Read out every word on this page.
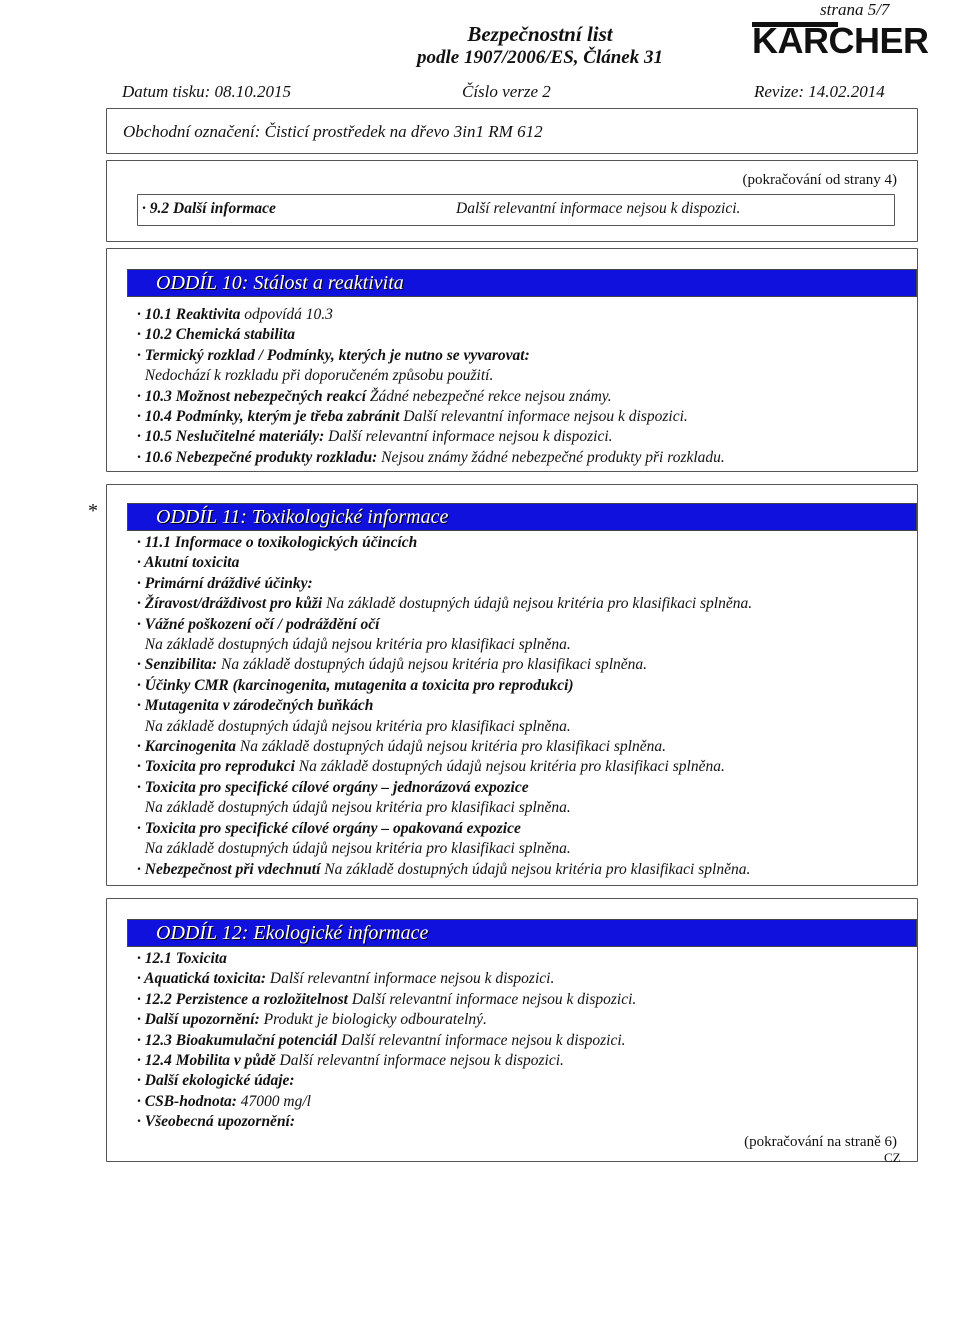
Bezpečnostní list
podle 1907/2006/ES, Článek 31
strana 5/7
KÄRCHER
Datum tisku: 08.10.2015	Číslo verze 2	Revize: 14.02.2014
Obchodní označení: Čisticí prostředek na dřevo 3in1 RM 612
(pokračování od strany 4)
· 9.2 Další informace	Další relevantní informace nejsou k dispozici.
ODDÍL 10: Stálost a reaktivita
· 10.1 Reaktivita odpovídá 10.3
· 10.2 Chemická stabilita
· Termický rozklad / Podmínky, kterých je nutno se vyvarovat:
Nedochází k rozkladu při doporučeném způsobu použití.
· 10.3 Možnost nebezpečných reakcí Žádné nebezpečné rekce nejsou známy.
· 10.4 Podmínky, kterým je třeba zabránit Další relevantní informace nejsou k dispozici.
· 10.5 Neslučitelné materiály: Další relevantní informace nejsou k dispozici.
· 10.6 Nebezpečné produkty rozkladu: Nejsou známy žádné nebezpečné produkty při rozkladu.
*	ODDÍL 11: Toxikologické informace
· 11.1 Informace o toxikologických účincích
· Akutní toxicita
· Primární dráždivé účinky:
· Žíravost/dráždivost pro kůži Na základě dostupných údajů nejsou kritéria pro klasifikaci splněna.
· Vážné poškození očí / podráždění očí
Na základě dostupných údajů nejsou kritéria pro klasifikaci splněna.
· Senzibilita: Na základě dostupných údajů nejsou kritéria pro klasifikaci splněna.
· Účinky CMR (karcinogenita, mutagenita a toxicita pro reprodukci)
· Mutagenita v zárodečných buňkách
Na základě dostupných údajů nejsou kritéria pro klasifikaci splněna.
· Karcinogenita Na základě dostupných údajů nejsou kritéria pro klasifikaci splněna.
· Toxicita pro reprodukci Na základě dostupných údajů nejsou kritéria pro klasifikaci splněna.
· Toxicita pro specifické cílové orgány – jednorázová expozice
Na základě dostupných údajů nejsou kritéria pro klasifikaci splněna.
· Toxicita pro specifické cílové orgány – opakovaná expozice
Na základě dostupných údajů nejsou kritéria pro klasifikaci splněna.
· Nebezpečnost při vdechnutí Na základě dostupných údajů nejsou kritéria pro klasifikaci splněna.
ODDÍL 12: Ekologické informace
· 12.1 Toxicita
· Aquatická toxicita: Další relevantní informace nejsou k dispozici.
· 12.2 Perzistence a rozložitelnost Další relevantní informace nejsou k dispozici.
· Další upozornění: Produkt je biologicky odbouratelný.
· 12.3 Bioakumulační potenciál Další relevantní informace nejsou k dispozici.
· 12.4 Mobilita v půdě Další relevantní informace nejsou k dispozici.
· Další ekologické údaje:
· CSB-hodnota: 47000 mg/l
· Všeobecná upozornění:
(pokračování na straně 6)
CZ
